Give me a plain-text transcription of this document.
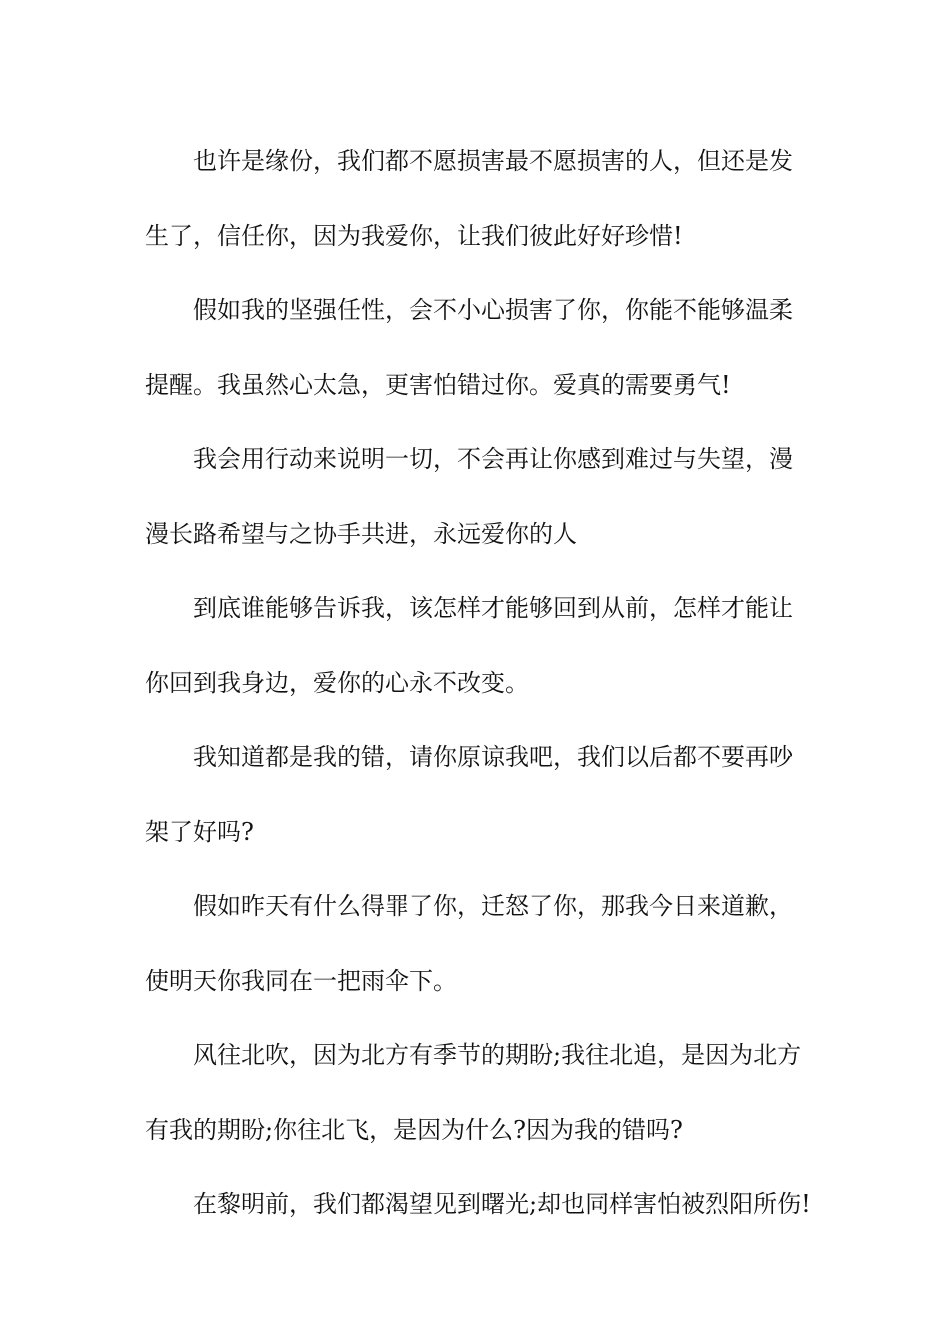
也许是缘份，我们都不愿损害最不愿损害的人，但还是发
生了，信任你，因为我爱你，让我们彼此好好珍惜!

假如我的坚强任性，会不小心损害了你，你能不能够温柔
提醒。我虽然心太急，更害怕错过你。爱真的需要勇气!

我会用行动来说明一切，不会再让你感到难过与失望，漫
漫长路希望与之协手共进，永远爱你的人

到底谁能够告诉我，该怎样才能够回到从前，怎样才能让
你回到我身边，爱你的心永不改变。

我知道都是我的错，请你原谅我吧，我们以后都不要再吵
架了好吗?

假如昨天有什么得罪了你，迁怒了你，那我今日来道歉，
使明天你我同在一把雨伞下。

风往北吹，因为北方有季节的期盼;我往北追，是因为北方
有我的期盼;你往北飞，是因为什么?因为我的错吗?

在黎明前，我们都渴望见到曙光;却也同样害怕被烈阳所伤!
